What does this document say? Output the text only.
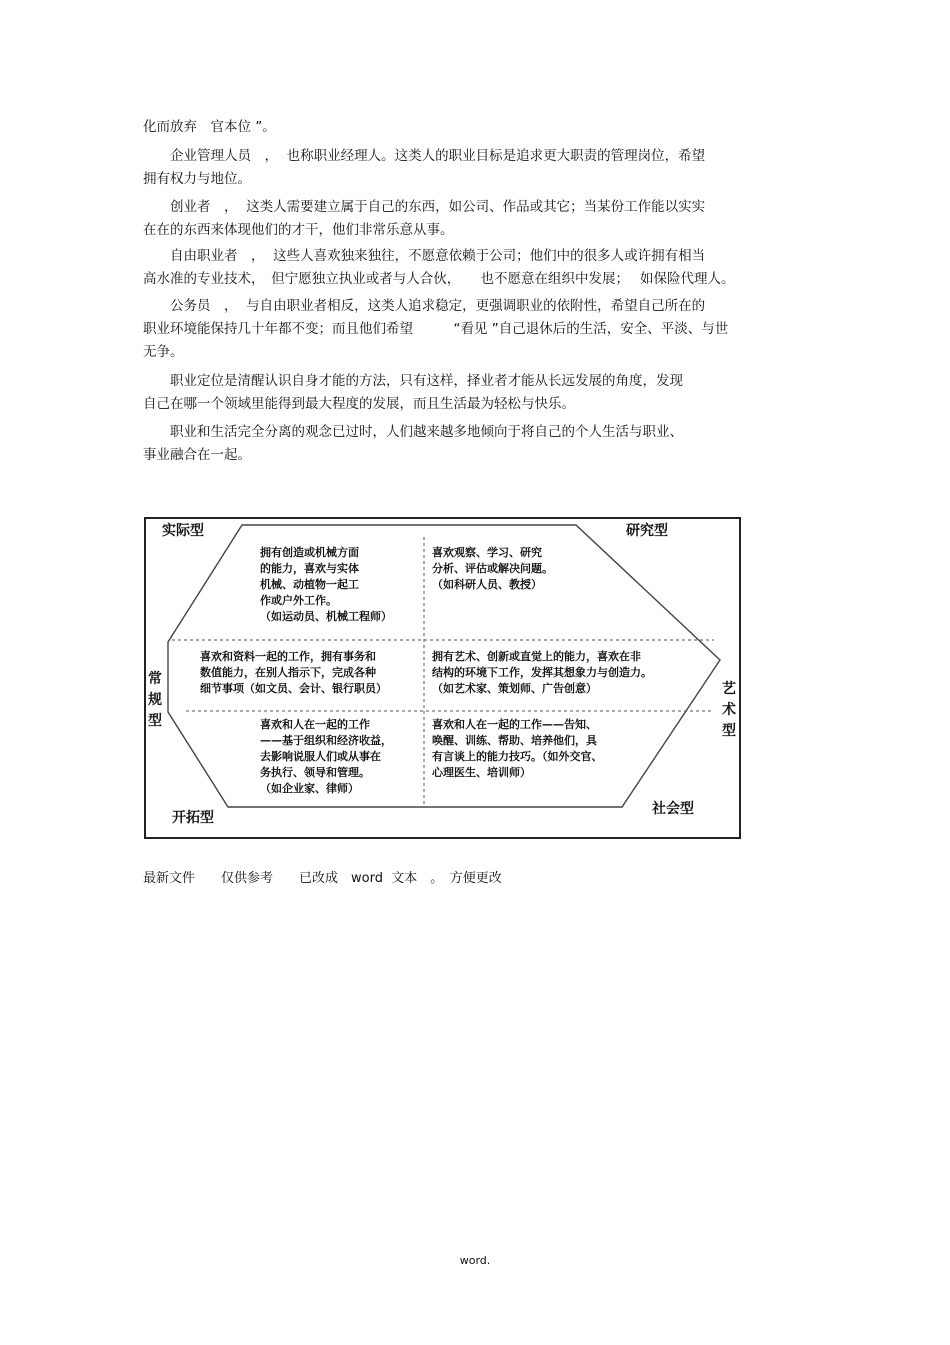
化而放弃　官本位 ”。
　　企业管理人员　，  也称职业经理人。这类人的职业目标是追求更大职责的管理岗位，希望
拥有权力与地位。
　　创业者　，  这类人需要建立属于自己的东西，如公司、作品或其它；当某份工作能以实实
在在的东西来体现他们的才干，他们非常乐意从事。
　　自由职业者　，  这些人喜欢独来独往，不愿意依赖于公司；他们中的很多人或许拥有相当
高水准的专业技术，　但宁愿独立执业或者与人合伙，　　也不愿意在组织中发展；　 如保险代理人。
　　公务员　，  与自由职业者相反，这类人追求稳定，更强调职业的依附性，希望自己所在的
职业环境能保持几十年都不变；而且他们希望　　　“看见 ”自己退休后的生活，安全、平淡、与世
无争。
　　职业定位是清醒认识自身才能的方法，只有这样，择业者才能从长远发展的角度，发现
自己在哪一个领域里能得到最大程度的发展，而且生活最为轻松与快乐。
　　职业和生活完全分离的观念已过时，人们越来越多地倾向于将自己的个人生活与职业、
事业融合在一起。
实际型	研究型
常规型
艺术型
开拓型
社会型
拥有创造或机械方面
的能力，喜欢与实体
机械、动植物一起工
作或户外工作。
（如运动员、机械工程师）
喜欢观察、学习、研究
分析、评估或解决问题。
（如科研人员、教授）
喜欢和资料一起的工作，拥有事务和
数值能力，在别人指示下，完成各种
细节事项（如文员、会计、银行职员）
拥有艺术、创新或直觉上的能力，喜欢在非
结构的环境下工作，发挥其想象力与创造力。
（如艺术家、策划师、广告创意）
喜欢和人在一起的工作
——基于组织和经济收益，
去影响说服人们或从事在
务执行、领导和管理。
（如企业家、律师）
喜欢和人在一起的工作——告知、
唤醒、训练、帮助、培养他们，具
有言谈上的能力技巧。（如外交官、
心理医生、培训师）
最新文件　　仅供参考　　已改成　word  文本　。　方便更改
word.
